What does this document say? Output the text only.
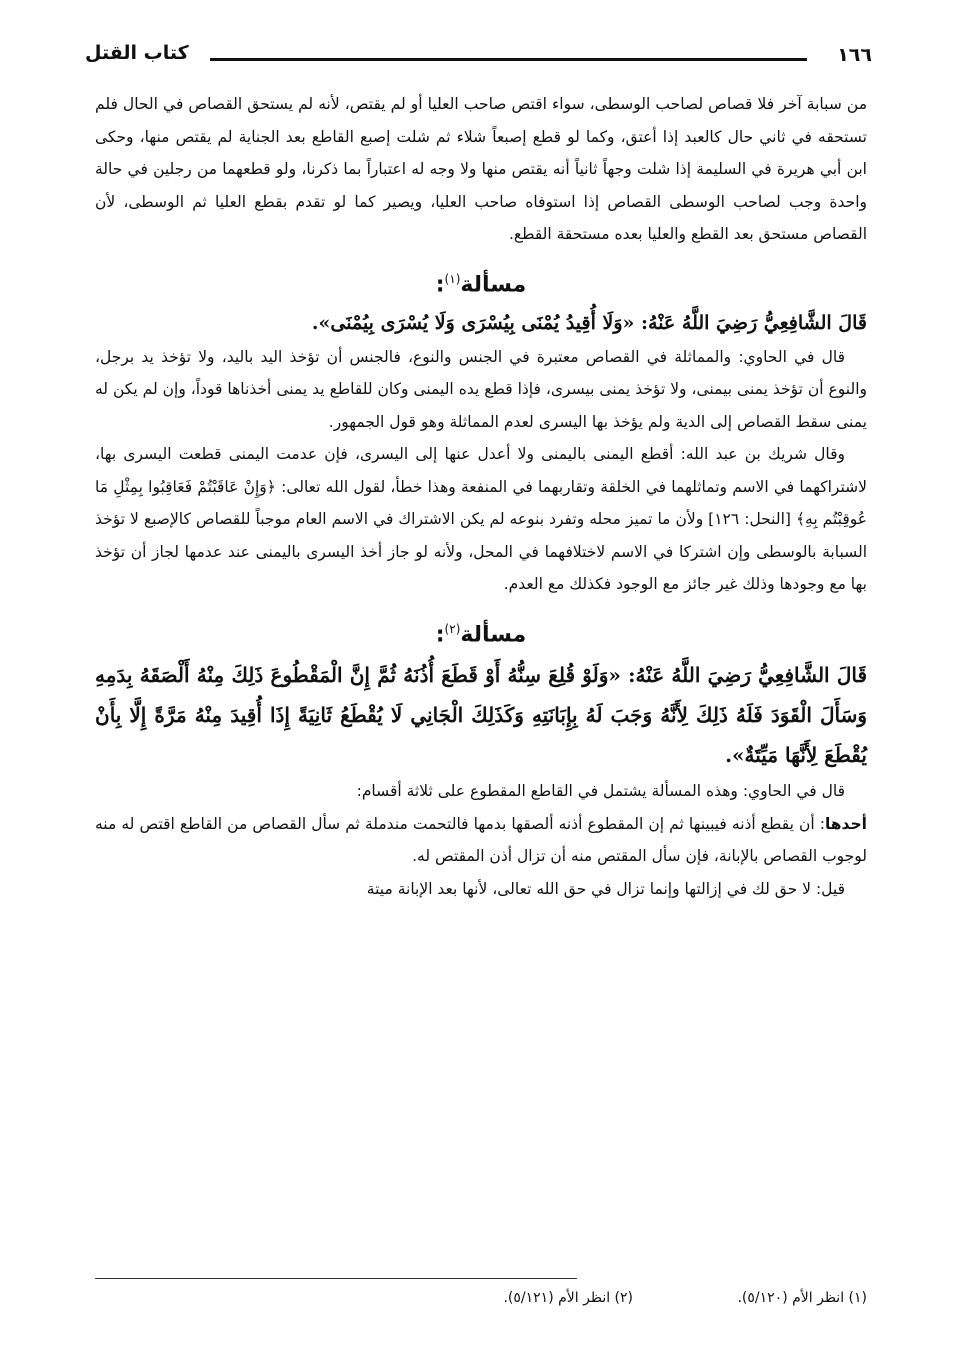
١٦٦
كتاب القتل

من سبابة آخر فلا قصاص لصاحب الوسطى، سواء اقتص صاحب العليا أو لم يقتص، لأنه لم يستحق القصاص في الحال فلم تستحقه في ثاني حال كالعبد إذا أعتق، وكما لو قطع إصبعاً شلاء ثم شلت إصبع القاطع بعد الجناية لم يقتص منها، وحكى ابن أبي هريرة في السليمة إذا شلت وجهاً ثانياً أنه يقتص منها ولا وجه له اعتباراً بما ذكرنا، ولو قطعهما من رجلين في حالة واحدة وجب لصاحب الوسطى القصاص إذا استوفاه صاحب العليا، ويصير كما لو تقدم بقطع العليا ثم الوسطى، لأن القصاص مستحق بعد القطع والعليا بعده مستحقة القطع.

مسألة$^{(١)}$:

قَالَ الشَّافِعِيُّ رَضِيَ اللَّهُ عَنْهُ: «وَلَا أُقِيدُ يُمْنَى بِيُسْرَى وَلَا يُسْرَى بِيُمْنَى».

قال في الحاوي: والمماثلة في القصاص معتبرة في الجنس والنوع، فالجنس أن تؤخذ اليد باليد، ولا تؤخذ يد برجل، والنوع أن تؤخذ يمنى بيمنى، ولا تؤخذ يمنى بيسرى، فإذا قطع يده اليمنى وكان للقاطع يد يمنى أخذناها قوداً، وإن لم يكن له يمنى سقط القصاص إلى الدية ولم يؤخذ بها اليسرى لعدم المماثلة وهو قول الجمهور.

وقال شريك بن عبد الله: أقطع اليمنى باليمنى ولا أعدل عنها إلى اليسرى، فإن عدمت اليمنى قطعت اليسرى بها، لاشتراكهما في الاسم وتماثلهما في الخلقة وتقاربهما في المنفعة وهذا خطأ، لقول الله تعالى: ﴿وَإِنْ عَاقَبْتُمْ فَعَاقِبُوا بِمِثْلِ مَا عُوقِبْتُم بِهِ﴾ [النحل: ١٢٦] ولأن ما تميز محله وتفرد بنوعه لم يكن الاشتراك في الاسم العام موجباً للقصاص كالإصبع لا تؤخذ السبابة بالوسطى وإن اشتركا في الاسم لاختلافهما في المحل، ولأنه لو جاز أخذ اليسرى باليمنى عند عدمها لجاز أن تؤخذ بها مع وجودها وذلك غير جائز مع الوجود فكذلك مع العدم.

مسألة$^{(٢)}$:

قَالَ الشَّافِعِيُّ رَضِيَ اللَّهُ عَنْهُ: «وَلَوْ قُلِعَ سِنُّهُ أَوْ قَطَعَ أُذُنَهُ ثُمَّ إِنَّ الْمَقْطُوعَ ذَلِكَ مِنْهُ أَلْصَقَهُ بِدَمِهِ وَسَأَلَ الْقَوَدَ فَلَهُ ذَلِكَ لِأَنَّهُ وَجَبَ لَهُ بِإِبَانَتِهِ وَكَذَلِكَ الْجَانِي لَا يُقْطَعُ ثَانِيَةً إِذَا أُقِيدَ مِنْهُ مَرَّةً إِلَّا بِأَنْ يُقْطَعَ لِأَنَّهَا مَيِّتَةٌ».

قال في الحاوي: وهذه المسألة يشتمل في القاطع المقطوع على ثلاثة أقسام:

أحدها: أن يقطع أذنه فيبينها ثم إن المقطوع أذنه ألصقها بدمها فالتحمت مندملة ثم سأل القصاص من القاطع اقتص له منه لوجوب القصاص بالإبانة، فإن سأل المقتص منه أن تزال أذن المقتص له.

قيل: لا حق لك في إزالتها وإنما تزال في حق الله تعالى، لأنها بعد الإبانة ميتة

(١) انظر الأم (٥/١٢٠). (٢) انظر الأم (٥/١٢١).
